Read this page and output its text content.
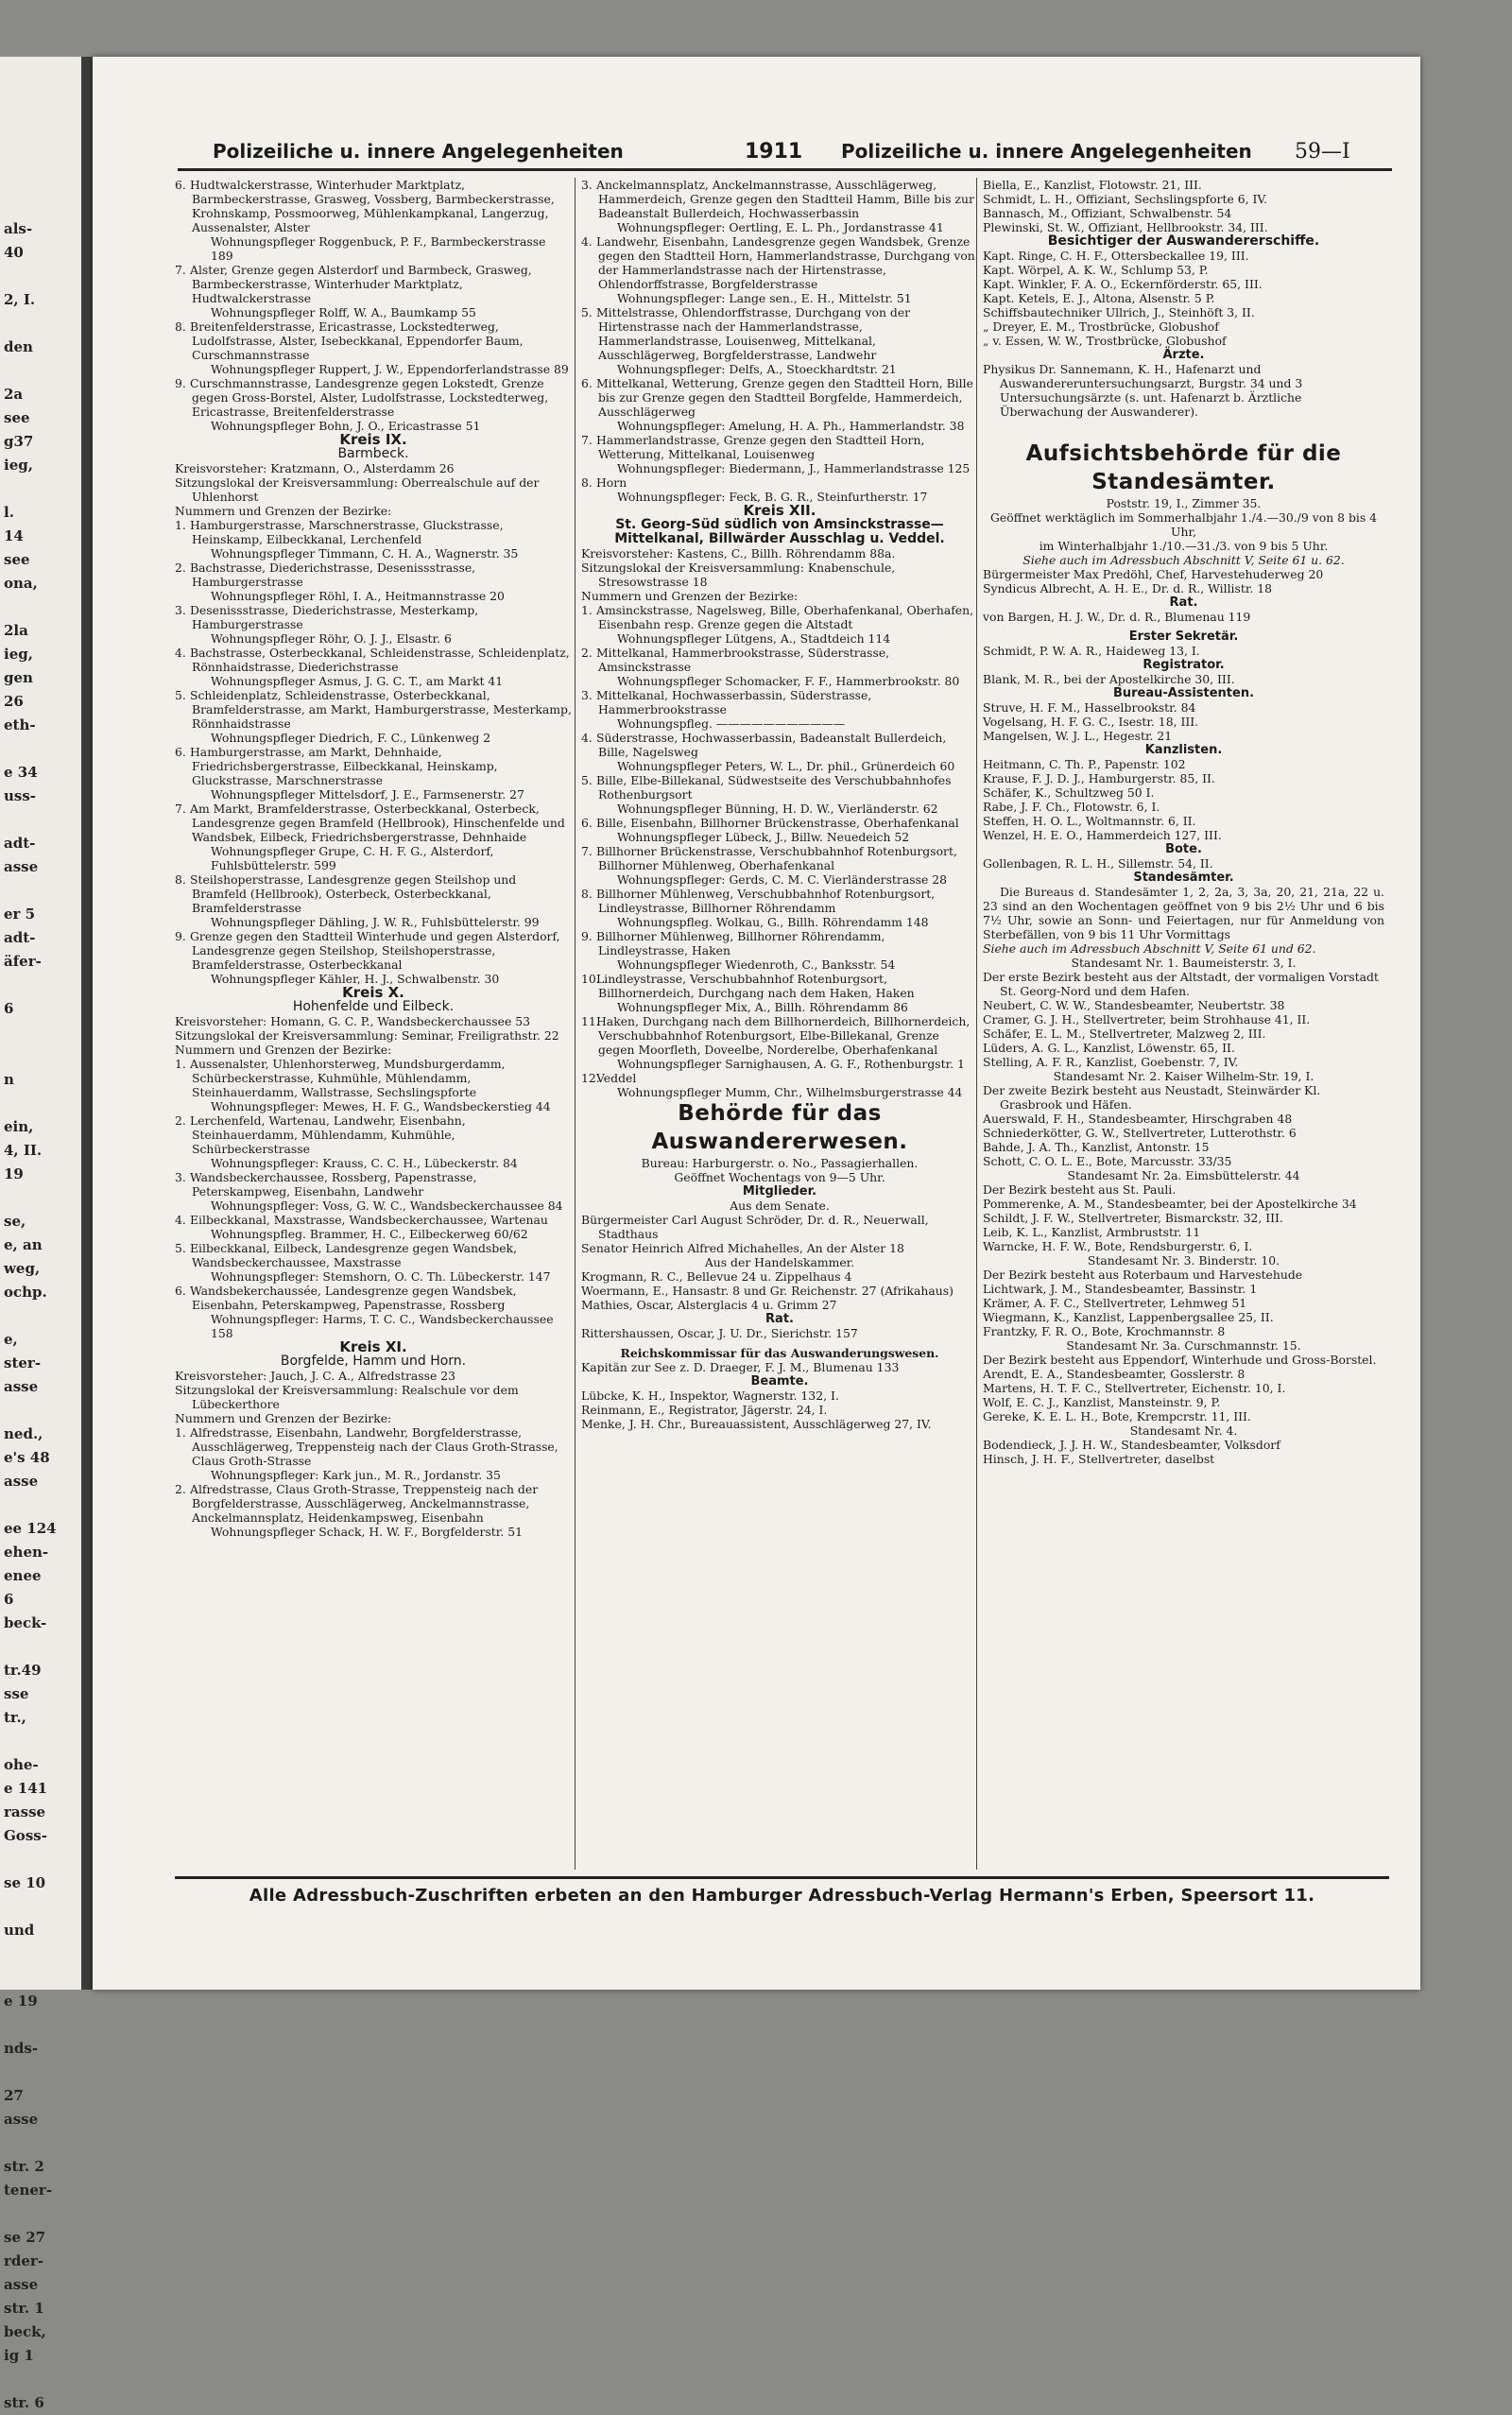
als-
40

2, I.

den

2a
see
g37
ieg,

l.
14
see
ona,

2la
ieg,
gen
26
eth-

e 34
uss-

adt-
asse

er 5
adt-
äfer-

6

n

ein,
4, II.
19

se,
e, an
weg,
ochp.

e,
ster-
asse

ned.,
e's 48
asse

ee 124
ehen-
enee
6
beck-

tr.49
sse
tr.,

ohe-
e 141
rasse
Goss-

se 10

und

e 19

nds-

27
asse

str. 2
tener-

se 27
rder-
asse
str. 1
beck,
ig 1

str. 6
Polizeiliche u. innere Angelegenheiten	1911 Polizeiliche u. innere Angelegenheiten 59—I

6. Hudtwalckerstrasse, Winterhuder Marktplatz, Barmbeckerstrasse, Grasweg, Vossberg, Barmbeckerstrasse, Krohnskamp, Possmoorweg, Mühlenkampkanal, Langerzug, Aussenalster, Alster

Wohnungspfleger Roggenbuck, P. F., Barmbeckerstrasse 189

7. Alster, Grenze gegen Alsterdorf und Barmbeck, Grasweg, Barmbeckerstrasse, Winterhuder Marktplatz, Hudtwalckerstrasse

Wohnungspfleger Rolff, W. A., Baumkamp 55

8. Breitenfelderstrasse, Ericastrasse, Lockstedterweg, Ludolfstrasse, Alster, Isebeckkanal, Eppendorfer Baum, Curschmannstrasse

Wohnungspfleger Ruppert, J. W., Eppendorferlandstrasse 89

9. Curschmannstrasse, Landesgrenze gegen Lokstedt, Grenze gegen Gross-Borstel, Alster, Ludolfstrasse, Lockstedterweg, Ericastrasse, Breitenfelderstrasse

Wohnungspfleger Bohn, J. O., Ericastrasse 51

Kreis IX.

Barmbeck.

Kreisvorsteher: Kratzmann, O., Alsterdamm 26

Sitzungslokal der Kreisversammlung: Oberrealschule auf der Uhlenhorst

Nummern und Grenzen der Bezirke:

1. Hamburgerstrasse, Marschnerstrasse, Gluckstrasse, Heinskamp, Eilbeckkanal, Lerchenfeld

Wohnungspfleger Timmann, C. H. A., Wagnerstr. 35

2. Bachstrasse, Diederichstrasse, Desenissstrasse, Hamburgerstrasse

Wohnungspfleger Röhl, I. A., Heitmannstrasse 20

3. Desenissstrasse, Diederichstrasse, Mesterkamp, Hamburgerstrasse

Wohnungspfleger Röhr, O. J. J., Elsastr. 6

4. Bachstrasse, Osterbeckkanal, Schleidenstrasse, Schleidenplatz, Rönnhaidstrasse, Diederichstrasse

Wohnungspfleger Asmus, J. G. C. T., am Markt 41

5. Schleidenplatz, Schleidenstrasse, Osterbeckkanal, Bramfelderstrasse, am Markt, Hamburgerstrasse, Mesterkamp, Rönnhaidstrasse

Wohnungspfleger Diedrich, F. C., Lünkenweg 2

6. Hamburgerstrasse, am Markt, Dehnhaide, Friedrichsbergerstrasse, Eilbeckkanal, Heinskamp, Gluckstrasse, Marschnerstrasse

Wohnungspfleger Mittelsdorf, J. E., Farmsenerstr. 27

7. Am Markt, Bramfelderstrasse, Osterbeckkanal, Osterbeck, Landesgrenze gegen Bramfeld (Hellbrook), Hinschenfelde und Wandsbek, Eilbeck, Friedrichsbergerstrasse, Dehnhaide

Wohnungspfleger Grupe, C. H. F. G., Alsterdorf, Fuhlsbüttelerstr. 599

8. Steilshoperstrasse, Landesgrenze gegen Steilshop und Bramfeld (Hellbrook), Osterbeck, Osterbeckkanal, Bramfelderstrasse

Wohnungspfleger Dähling, J. W. R., Fuhlsbüttelerstr. 99

9. Grenze gegen den Stadtteil Winterhude und gegen Alsterdorf, Landesgrenze gegen Steilshop, Steilshoperstrasse, Bramfelderstrasse, Osterbeckkanal

Wohnungspfleger Kähler, H. J., Schwalbenstr. 30

Kreis X.

Hohenfelde und Eilbeck.

Kreisvorsteher: Homann, G. C. P., Wandsbeckerchaussee 53

Sitzungslokal der Kreisversammlung: Seminar, Freiligrathstr. 22

Nummern und Grenzen der Bezirke:

1. Aussenalster, Uhlenhorsterweg, Mundsburgerdamm, Schürbeckerstrasse, Kuhmühle, Mühlendamm, Steinhauerdamm, Wallstrasse, Sechslingspforte

Wohnungspfleger: Mewes, H. F. G., Wandsbeckerstieg 44

2. Lerchenfeld, Wartenau, Landwehr, Eisenbahn, Steinhauerdamm, Mühlendamm, Kuhmühle, Schürbeckerstrasse

Wohnungspfleger: Krauss, C. C. H., Lübeckerstr. 84

3. Wandsbeckerchaussee, Rossberg, Papenstrasse, Peterskampweg, Eisenbahn, Landwehr

Wohnungspfleger: Voss, G. W. C., Wandsbeckerchaussee 84

4. Eilbeckkanal, Maxstrasse, Wandsbeckerchaussee, Wartenau

Wohnungspfleg. Brammer, H. C., Eilbeckerweg 60/62

5. Eilbeckkanal, Eilbeck, Landesgrenze gegen Wandsbek, Wandsbeckerchaussee, Maxstrasse

Wohnungspfleger: Stemshorn, O. C. Th. Lübeckerstr. 147

6. Wandsbekerchaussée, Landesgrenze gegen Wandsbek, Eisenbahn, Peterskampweg, Papenstrasse, Rossberg

Wohnungspfleger: Harms, T. C. C., Wandsbeckerchaussee 158

Kreis XI.

Borgfelde, Hamm und Horn.

Kreisvorsteher: Jauch, J. C. A., Alfredstrasse 23

Sitzungslokal der Kreisversammlung: Realschule vor dem Lübeckerthore

Nummern und Grenzen der Bezirke:

1. Alfredstrasse, Eisenbahn, Landwehr, Borgfelderstrasse, Ausschlägerweg, Treppensteig nach der Claus Groth-Strasse, Claus Groth-Strasse

Wohnungspfleger: Kark jun., M. R., Jordanstr. 35

2. Alfredstrasse, Claus Groth-Strasse, Treppensteig nach der Borgfelderstrasse, Ausschlägerweg, Anckelmannstrasse, Anckelmannsplatz, Heidenkampsweg, Eisenbahn

Wohnungspfleger Schack, H. W. F., Borgfelderstr. 51

3. Anckelmannsplatz, Anckelmannstrasse, Ausschlägerweg, Hammerdeich, Grenze gegen den Stadtteil Hamm, Bille bis zur Badeanstalt Bullerdeich, Hochwasserbassin

Wohnungspfleger: Oertling, E. L. Ph., Jordanstrasse 41

4. Landwehr, Eisenbahn, Landesgrenze gegen Wandsbek, Grenze gegen den Stadtteil Horn, Hammerlandstrasse, Durchgang von der Hammerlandstrasse nach der Hirtenstrasse, Ohlendorffstrasse, Borgfelderstrasse

Wohnungspfleger: Lange sen., E. H., Mittelstr. 51

5. Mittelstrasse, Ohlendorffstrasse, Durchgang von der Hirtenstrasse nach der Hammerlandstrasse, Hammerlandstrasse, Louisenweg, Mittelkanal, Ausschlägerweg, Borgfelderstrasse, Landwehr

Wohnungspfleger: Delfs, A., Stoeckhardtstr. 21

6. Mittelkanal, Wetterung, Grenze gegen den Stadtteil Horn, Bille bis zur Grenze gegen den Stadtteil Borgfelde, Hammerdeich, Ausschlägerweg

Wohnungspfleger: Amelung, H. A. Ph., Hammerlandstr. 38

7. Hammerlandstrasse, Grenze gegen den Stadtteil Horn, Wetterung, Mittelkanal, Louisenweg

Wohnungspfleger: Biedermann, J., Hammerlandstrasse 125

8. Horn

Wohnungspfleger: Feck, B. G. R., Steinfurtherstr. 17

Kreis XII.

St. Georg-Süd südlich von Amsinckstrasse—Mittelkanal, Billwärder Ausschlag u. Veddel.

Kreisvorsteher: Kastens, C., Billh. Röhrendamm 88a.

Sitzungslokal der Kreisversammlung: Knabenschule, Stresowstrasse 18

Nummern und Grenzen der Bezirke:

1. Amsinckstrasse, Nagelsweg, Bille, Oberhafenkanal, Oberhafen, Eisenbahn resp. Grenze gegen die Altstadt

Wohnungspfleger Lütgens, A., Stadtdeich 114

2. Mittelkanal, Hammerbrookstrasse, Süderstrasse, Amsinckstrasse

Wohnungspfleger Schomacker, F. F., Hammerbrookstr. 80

3. Mittelkanal, Hochwasserbassin, Süderstrasse, Hammerbrookstrasse

Wohnungspfleg. ———————————

4. Süderstrasse, Hochwasserbassin, Badeanstalt Bullerdeich, Bille, Nagelsweg

Wohnungspfleger Peters, W. L., Dr. phil., Grünerdeich 60

5. Bille, Elbe-Billekanal, Südwestseite des Verschubbahnhofes Rothenburgsort

Wohnungspfleger Bünning, H. D. W., Vierländerstr. 62

6. Bille, Eisenbahn, Billhorner Brückenstrasse, Oberhafenkanal

Wohnungspfleger Lübeck, J., Billw. Neuedeich 52

7. Billhorner Brückenstrasse, Verschubbahnhof Rotenburgsort, Billhorner Mühlenweg, Oberhafenkanal

Wohnungspfleger: Gerds, C. M. C. Vierländerstrasse 28

8. Billhorner Mühlenweg, Verschubbahnhof Rotenburgsort, Lindleystrasse, Billhorner Röhrendamm

Wohnungspfleg. Wolkau, G., Billh. Röhrendamm 148

9. Billhorner Mühlenweg, Billhorner Röhrendamm, Lindleystrasse, Haken

Wohnungspfleger Wiedenroth, C., Banksstr. 54

10.Lindleystrasse, Verschubbahnhof Rotenburgsort, Billhornerdeich, Durchgang nach dem Haken, Haken

Wohnungspfleger Mix, A., Billh. Röhrendamm 86

11.Haken, Durchgang nach dem Billhornerdeich, Billhornerdeich, Verschubbahnhof Rotenburgsort, Elbe-Billekanal, Grenze gegen Moorfleth, Doveelbe, Norderelbe, Oberhafenkanal

Wohnungspfleger Sarnighausen, A. G. F., Rothenburgstr. 1

12.Veddel

Wohnungspfleger Mumm, Chr., Wilhelmsburgerstrasse 44

Behörde für das Auswandererwesen.

Bureau: Harburgerstr. o. No., Passagierhallen.

Geöffnet Wochentags von 9—5 Uhr.

Mitglieder.

Aus dem Senate.

Bürgermeister Carl August Schröder, Dr. d. R., Neuerwall, Stadthaus

Senator Heinrich Alfred Michahelles, An der Alster 18

Aus der Handelskammer.

Krogmann, R. C., Bellevue 24 u. Zippelhaus 4

Woermann, E., Hansastr. 8 und Gr. Reichenstr. 27 (Afrikahaus)

Mathies, Oscar, Alsterglacis 4 u. Grimm 27

Rat.

Rittershaussen, Oscar, J. U. Dr., Sierichstr. 157

Reichskommissar für das Auswanderungswesen.

Kapitän zur See z. D. Draeger, F. J. M., Blumenau 133

Beamte.

Lübcke, K. H., Inspektor, Wagnerstr. 132, I.

Reinmann, E., Registrator, Jägerstr. 24, I.

Menke, J. H. Chr., Bureauassistent, Ausschlägerweg 27, IV.

Biella, E., Kanzlist, Flotowstr. 21, III.

Schmidt, L. H., Offiziant, Sechslingspforte 6, IV.

Bannasch, M., Offiziant, Schwalbenstr. 54

Plewinski, St. W., Offiziant, Hellbrookstr. 34, III.

Besichtiger der Auswandererschiffe.

Kapt. Ringe, C. H. F., Ottersbeckallee 19, III.

Kapt. Wörpel, A. K. W., Schlump 53, P.

Kapt. Winkler, F. A. O., Eckernförderstr. 65, III.

Kapt. Ketels, E. J., Altona, Alsenstr. 5 P.

Schiffsbautechniker Ullrich, J., Steinhöft 3, II.

„ Dreyer, E. M., Trostbrücke, Globushof

„ v. Essen, W. W., Trostbrücke, Globushof

Ärzte.

Physikus Dr. Sannemann, K. H., Hafenarzt und Auswandereruntersuchungsarzt, Burgstr. 34 und 3 Untersuchungsärzte (s. unt. Hafenarzt b. Ärztliche Überwachung der Auswanderer).

Aufsichtsbehörde für die Standesämter.

Poststr. 19, I., Zimmer 35.

Geöffnet werktäglich im Sommerhalbjahr 1./4.—30./9 von 8 bis 4 Uhr,

im Winterhalbjahr 1./10.—31./3. von 9 bis 5 Uhr.

Siehe auch im Adressbuch Abschnitt V, Seite 61 u. 62.

Bürgermeister Max Predöhl, Chef, Harvestehuderweg 20

Syndicus Albrecht, A. H. E., Dr. d. R., Willistr. 18

Rat.

von Bargen, H. J. W., Dr. d. R., Blumenau 119

Erster Sekretär.

Schmidt, P. W. A. R., Haideweg 13, I.

Registrator.

Blank, M. R., bei der Apostelkirche 30, III.

Bureau-Assistenten.

Struve, H. F. M., Hasselbrookstr. 84

Vogelsang, H. F. G. C., Isestr. 18, III.

Mangelsen, W. J. L., Hegestr. 21

Kanzlisten.

Heitmann, C. Th. P., Papenstr. 102

Krause, F. J. D. J., Hamburgerstr. 85, II.

Schäfer, K., Schultzweg 50 I.

Rabe, J. F. Ch., Flotowstr. 6, I.

Steffen, H. O. L., Woltmannstr. 6, II.

Wenzel, H. E. O., Hammerdeich 127, III.

Bote.

Gollenbagen, R. L. H., Sillemstr. 54, II.

Standesämter.

Die Bureaus d. Standesämter 1, 2, 2a, 3, 3a, 20, 21, 21a, 22 u. 23 sind an den Wochentagen geöffnet von 9 bis 2½ Uhr und 6 bis 7½ Uhr, sowie an Sonn- und Feiertagen, nur für Anmeldung von Sterbefällen, von 9 bis 11 Uhr Vormittags

Siehe auch im Adressbuch Abschnitt V, Seite 61 und 62.

Standesamt Nr. 1. Baumeisterstr. 3, I.

Der erste Bezirk besteht aus der Altstadt, der vormaligen Vorstadt St. Georg-Nord und dem Hafen.

Neubert, C. W. W., Standesbeamter, Neubertstr. 38

Cramer, G. J. H., Stellvertreter, beim Strohhause 41, II.

Schäfer, E. L. M., Stellvertreter, Malzweg 2, III.

Lüders, A. G. L., Kanzlist, Löwenstr. 65, II.

Stelling, A. F. R., Kanzlist, Goebenstr. 7, IV.

Standesamt Nr. 2. Kaiser Wilhelm-Str. 19, I.

Der zweite Bezirk besteht aus Neustadt, Steinwärder Kl. Grasbrook und Häfen.

Auerswald, F. H., Standesbeamter, Hirschgraben 48

Schniederkötter, G. W., Stellvertreter, Lutterothstr. 6

Bahde, J. A. Th., Kanzlist, Antonstr. 15

Schott, C. O. L. E., Bote, Marcusstr. 33/35

Standesamt Nr. 2a. Eimsbüttelerstr. 44

Der Bezirk besteht aus St. Pauli.

Pommerenke, A. M., Standesbeamter, bei der Apostelkirche 34

Schildt, J. F. W., Stellvertreter, Bismarckstr. 32, III.

Leib, K. L., Kanzlist, Armbruststr. 11

Warncke, H. F. W., Bote, Rendsburgerstr. 6, I.

Standesamt Nr. 3. Binderstr. 10.

Der Bezirk besteht aus Roterbaum und Harvestehude

Lichtwark, J. M., Standesbeamter, Bassinstr. 1

Krämer, A. F. C., Stellvertreter, Lehmweg 51

Wiegmann, K., Kanzlist, Lappenbergsallee 25, II.

Frantzky, F. R. O., Bote, Krochmannstr. 8

Standesamt Nr. 3a. Curschmannstr. 15.

Der Bezirk besteht aus Eppendorf, Winterhude und Gross-Borstel.

Arendt, E. A., Standesbeamter, Gosslerstr. 8

Martens, H. T. F. C., Stellvertreter, Eichenstr. 10, I.

Wolf, E. C. J., Kanzlist, Mansteinstr. 9, P.

Gereke, K. E. L. H., Bote, Krempcrstr. 11, III.

Standesamt Nr. 4.

Bodendieck, J. J. H. W., Standesbeamter, Volksdorf

Hinsch, J. H. F., Stellvertreter, daselbst

Alle Adressbuch-Zuschriften erbeten an den Hamburger Adressbuch-Verlag Hermann's Erben, Speersort 11.
